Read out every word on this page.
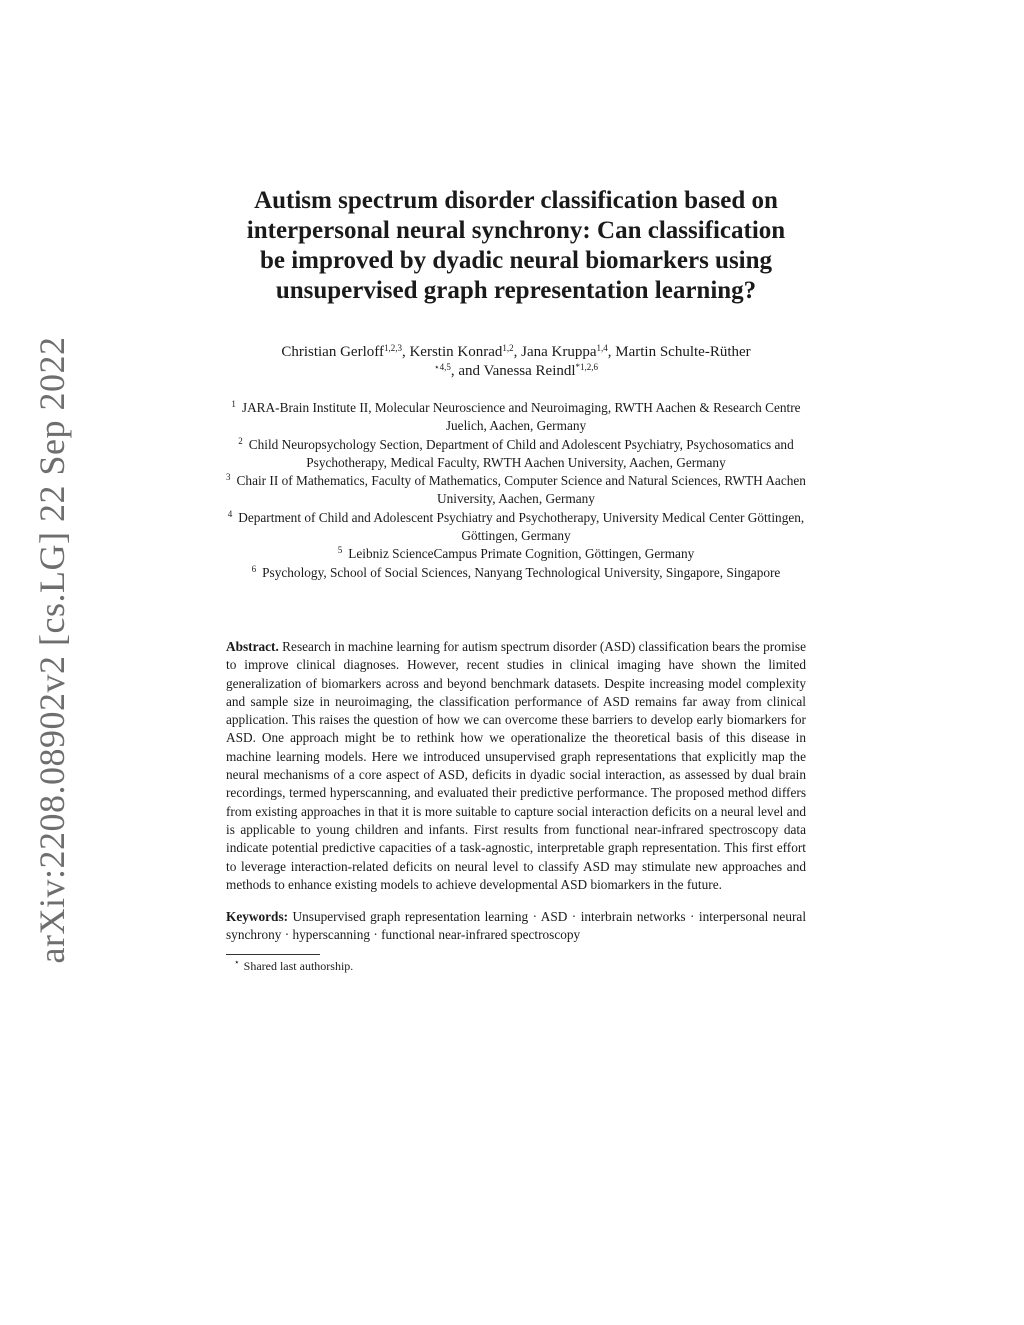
arXiv:2208.08902v2 [cs.LG] 22 Sep 2022
Autism spectrum disorder classification based on interpersonal neural synchrony: Can classification be improved by dyadic neural biomarkers using unsupervised graph representation learning?
Christian Gerloff$^{1,2,3}$, Kerstin Konrad$^{1,2}$, Jana Kruppa$^{1,4}$, Martin Schulte-Rüther $^{⋆4,5}$, and Vanessa Reindl$^{*1,2,6}$
$^1$ JARA-Brain Institute II, Molecular Neuroscience and Neuroimaging, RWTH Aachen & Research Centre Juelich, Aachen, Germany
$^2$ Child Neuropsychology Section, Department of Child and Adolescent Psychiatry, Psychosomatics and Psychotherapy, Medical Faculty, RWTH Aachen University, Aachen, Germany
$^3$ Chair II of Mathematics, Faculty of Mathematics, Computer Science and Natural Sciences, RWTH Aachen University, Aachen, Germany
$^4$ Department of Child and Adolescent Psychiatry and Psychotherapy, University Medical Center Göttingen, Göttingen, Germany
$^5$ Leibniz ScienceCampus Primate Cognition, Göttingen, Germany
$^6$ Psychology, School of Social Sciences, Nanyang Technological University, Singapore, Singapore
Abstract. Research in machine learning for autism spectrum disorder (ASD) classification bears the promise to improve clinical diagnoses. However, recent studies in clinical imaging have shown the limited generalization of biomarkers across and beyond benchmark datasets. Despite increasing model complexity and sample size in neuroimaging, the classification performance of ASD remains far away from clinical application. This raises the question of how we can overcome these barriers to develop early biomarkers for ASD. One approach might be to rethink how we operationalize the theoretical basis of this disease in machine learning models. Here we introduced unsupervised graph representations that explicitly map the neural mechanisms of a core aspect of ASD, deficits in dyadic social interaction, as assessed by dual brain recordings, termed hyperscanning, and evaluated their predictive performance. The proposed method differs from existing approaches in that it is more suitable to capture social interaction deficits on a neural level and is applicable to young children and infants. First results from functional near-infrared spectroscopy data indicate potential predictive capacities of a task-agnostic, interpretable graph representation. This first effort to leverage interaction-related deficits on neural level to classify ASD may stimulate new approaches and methods to enhance existing models to achieve developmental ASD biomarkers in the future.
Keywords: Unsupervised graph representation learning · ASD · interbrain networks · interpersonal neural synchrony · hyperscanning · functional near-infrared spectroscopy
⋆ Shared last authorship.
